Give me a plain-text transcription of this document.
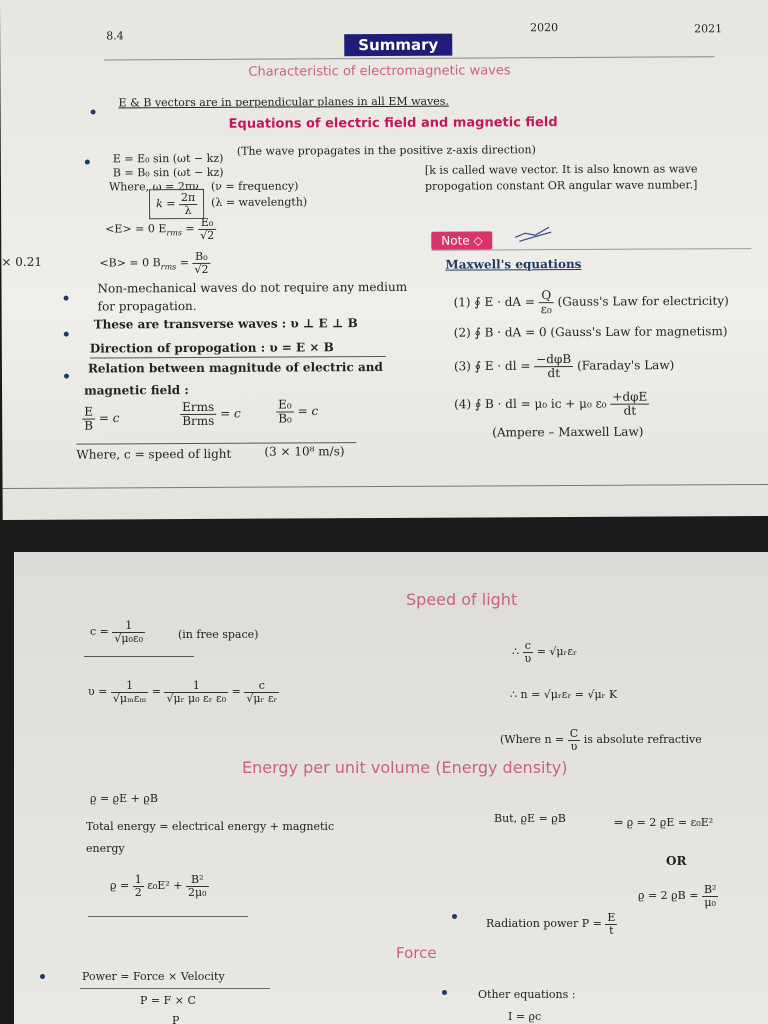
8.4
2020	2021
× 0.21
Summary
Characteristic of electromagnetic waves
E & B vectors are in perpendicular planes in all EM waves.
Equations of electric field and magnetic field
E = E₀ sin (ωt − kz)
(The wave propagates in the positive z-axis direction)
B = B₀ sin (ωt − kz)
Where, ω = 2πν (ν = frequency)
$k = \frac{2\pi}{\lambda} (\lambda$ = wavelength)
[k is called wave vector. It is also known as wave
propogation constant OR angular wave number.]
<E> = 0 $E_{rms} = \frac{\text{E₀}}{√2}$
<B> = 0 $B_{rms} = \frac{\text{B₀}}{√2}$
Note ◇
Maxwell's equations
(1) ∮ E · dA = $\frac{Q}{\text{ε₀}}$ (Gauss's Law for electricity)
(2) ∮ B · dA = 0 (Gauss's Law for magnetism)
(3) ∮ E · dl = $\frac{\text{−dφB}}{dt}$ (Faraday's Law)
(4) ∮ B · dl = μ₀ iᴄ + μ₀ $\varepsilon_0 \frac{\text{+dφE}}{dt}$
(Ampere – Maxwell Law)
Non-mechanical waves do not require any medium
for propagation.
These are transverse waves : υ ⊥ E ⊥ B
Direction of propogation : υ = E × B
Relation between magnitude of electric and
magnetic field :
$\frac{E}{B} = c$	$\frac{\text{Erms}}{\text{Brms}} = c$	$\frac{\text{E₀}}{\text{B₀}} = c$
Where, c = speed of light	(3 × 10⁸ m/s)
Speed of light
$c = \frac{1}{\text{√μ₀ε₀}}$	(in free space)
$\upsilon = \frac{1}{\text{√μₘεₘ}} = \frac{1}{\text{√μᵣ μ₀ εᵣ ε₀}} = \frac{c}{\text{√μᵣ εᵣ}}$
∴ $\frac{c}{\upsilon}$ = √μᵣεᵣ
∴ n = √μᵣεᵣ = √μᵣ K
(Where $n = \frac{C}{\upsilon}$ is absolute refractive
Energy per unit volume (Energy density)
ϱ = ϱE + ϱB
Total energy = electrical energy + magnetic
energy
$ϱ = \frac{1}{2} \varepsilon_0E^2 + \frac{\text{B²}}{\text{2μ₀}}$
But, ϱE = ϱB	⇒ ϱ = 2 ϱE = ε₀E²
OR
ϱ = 2 $ϱB = \frac{\text{B²}}{\text{μ₀}}$
Radiation power $P = \frac{E}{t}$
Force
Power = Force × Velocity
P = F × C
P
Other equations :
I = ϱc
